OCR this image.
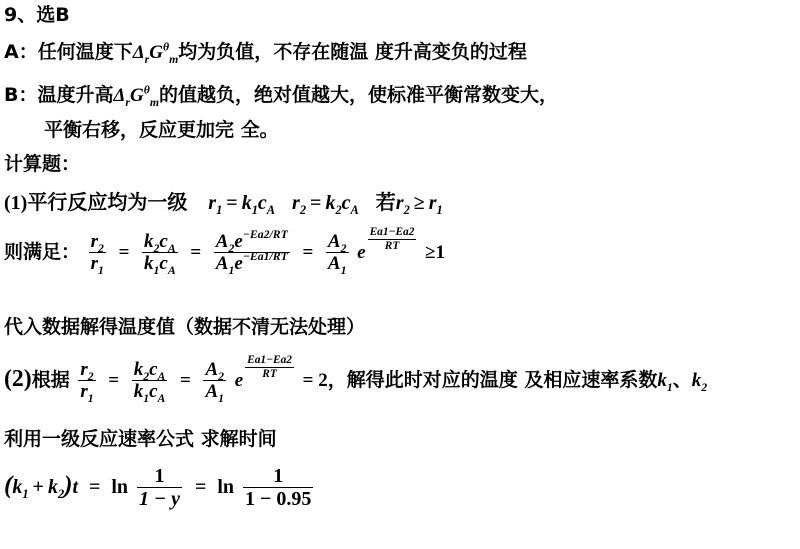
9、选B
A：任何温度下$\Delta_rG^\theta_m$均为负值，不存在随温 度升高变负的过程
B：温度升高$\Delta_rG^\theta_m$的值越负，绝对值越大，使标准平衡常数变大，
平衡右移，反应更加完 全。
计算题：
(1)平行反应均为一级 $r_1 = k_1c_A$ $r_2 = k_2c_A$ 若$r_2 \ge r_1$
则满足： $\frac{r_2}{r_1} = \frac{k_2c_A}{k_1c_A} = \frac{A_2e^{-Ea2/RT}}{A_1e^{-Ea1/RT}} = \frac{A_2}{A_1}$ e $\frac{Ea1-Ea2}{RT} \ge 1$
代入数据解得温度值（数据不清无法处理）
(2)根据 $\frac{r_2}{r_1} = \frac{k_2c_A}{k_1c_A} = \frac{A_2}{A_1}$ e $\frac{Ea1-Ea2}{RT} = 2$，解得此时对应的温度 及相应速率系数$k_1$、$k_2$
利用一级反应速率公式 求解时间
$(k_1 + k_2)t = \ln \frac{1}{1 - y} = \ln \frac{1}{1 - 0.95}$
